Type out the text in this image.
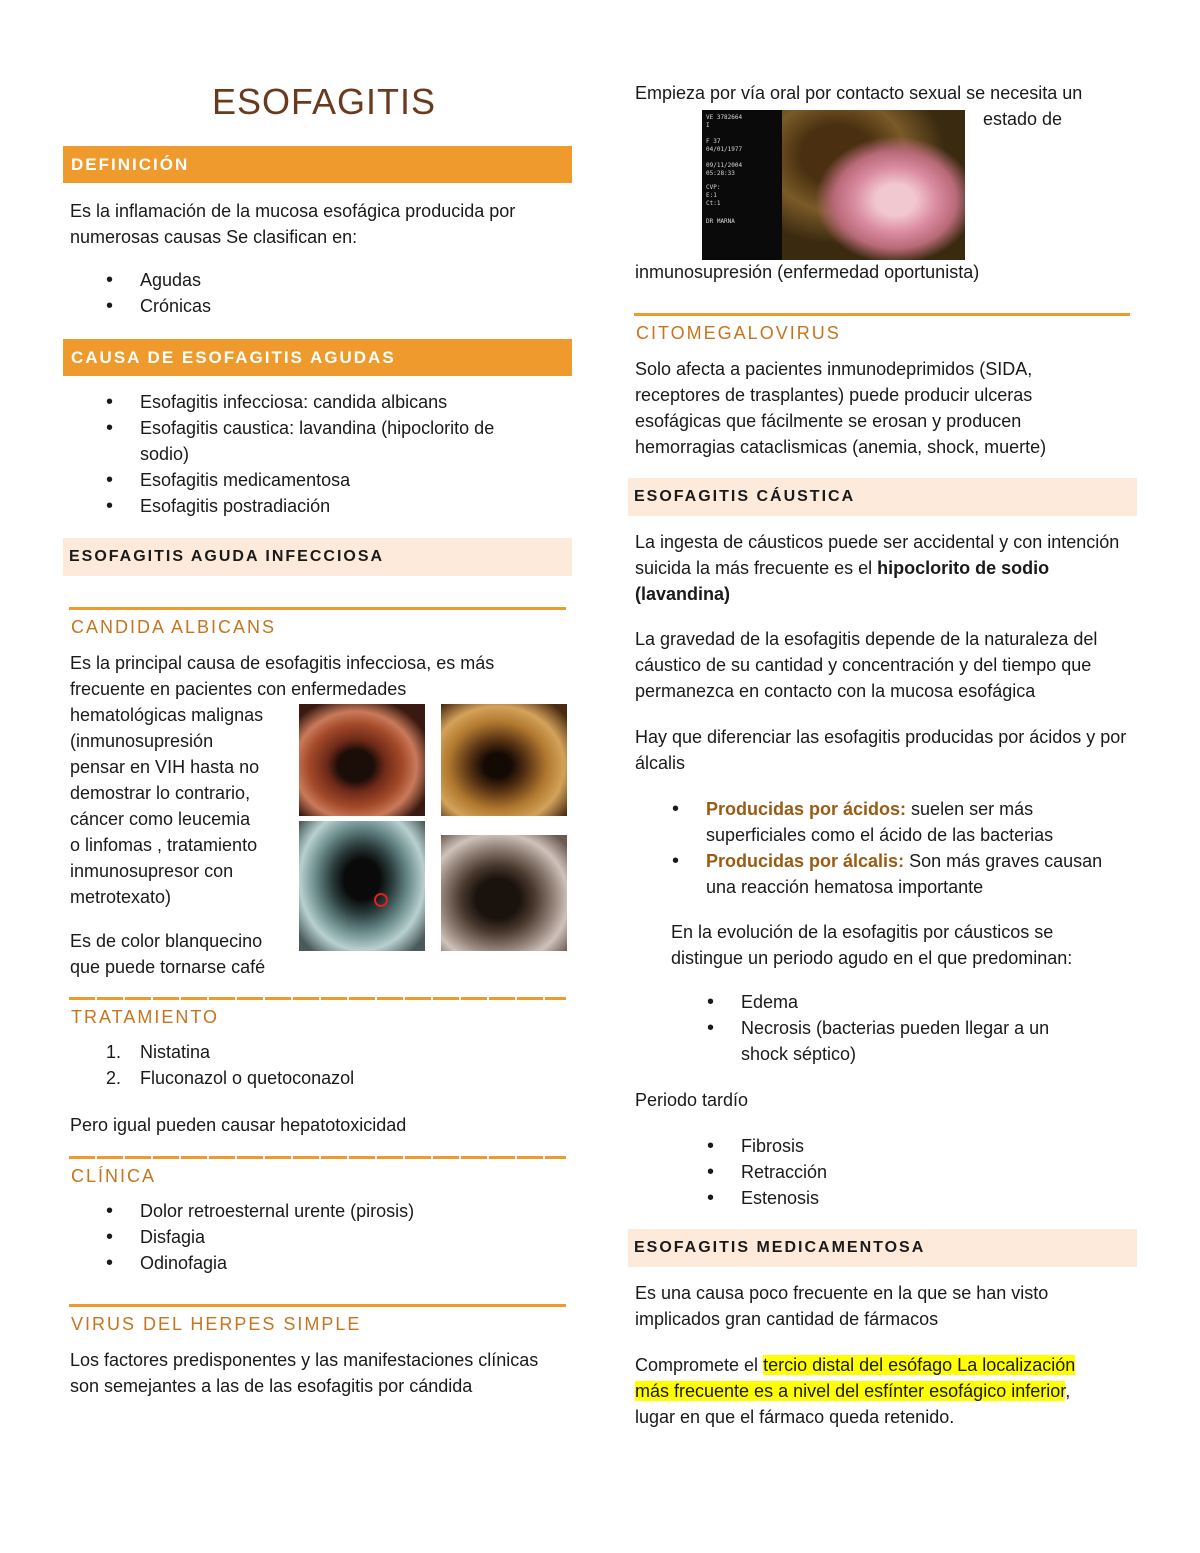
ESOFAGITIS
DEFINICIÓN

Es la inflamación de la mucosa esofágica producida por numerosas causas Se clasifican en:

• Agudas
• Crónicas
CAUSA DE ESOFAGITIS AGUDAS
• Esofagitis infecciosa: candida albicans
• Esofagitis caustica: lavandina (hipoclorito de sodio)
• Esofagitis medicamentosa
• Esofagitis postradiación
ESOFAGITIS AGUDA INFECCIOSA
CANDIDA ALBICANS

Es la principal causa de esofagitis infecciosa, es más

frecuente en pacientes con enfermedades

hematológicas malignas

(inmunosupresión

pensar en VIH hasta no

demostrar lo contrario,

cáncer como leucemia

o linfomas , tratamiento

inmunosupresor con

metrotexato)

Es de color blanquecino

que puede tornarse café

TRATAMIENTO
1. Nistatina
2. Fluconazol o quetoconazol

Pero igual pueden causar hepatotoxicidad

CLÍNICA
• Dolor retroesternal urente (pirosis)
• Disfagia
• Odinofagia
VIRUS DEL HERPES SIMPLE

Los factores predisponentes y las manifestaciones clínicas son semejantes a las de las esofagitis por cándida

Empieza por vía oral por contacto sexual se necesita un

estado de

inmunosupresión (enfermedad oportunista)

VE 3782664
I
F 37
04/01/1977
09/11/2004
05:28:33
CVP:
E:1
Ct:1
DR MARNA
CITOMEGALOVIRUS

Solo afecta a pacientes inmunodeprimidos (SIDA, receptores de trasplantes) puede producir ulceras esofágicas que fácilmente se erosan y producen hemorragias cataclismicas (anemia, shock, muerte)

ESOFAGITIS CÁUSTICA

La ingesta de cáusticos puede ser accidental y con intención suicida la más frecuente es el hipoclorito de sodio (lavandina)

La gravedad de la esofagitis depende de la naturaleza del cáustico de su cantidad y concentración y del tiempo que permanezca en contacto con la mucosa esofágica

Hay que diferenciar las esofagitis producidas por ácidos y por álcalis

• Producidas por ácidos: suelen ser más superficiales como el ácido de las bacterias
• Producidas por álcalis: Son más graves causan una reacción hematosa importante

En la evolución de la esofagitis por cáusticos se distingue un periodo agudo en el que predominan:

• Edema
• Necrosis (bacterias pueden llegar a un shock séptico)

Periodo tardío

• Fibrosis
• Retracción
• Estenosis
ESOFAGITIS MEDICAMENTOSA

Es una causa poco frecuente en la que se han visto implicados gran cantidad de fármacos

Compromete el tercio distal del esófago La localización

más frecuente es a nivel del esfínter esofágico inferior,

lugar en que el fármaco queda retenido.
